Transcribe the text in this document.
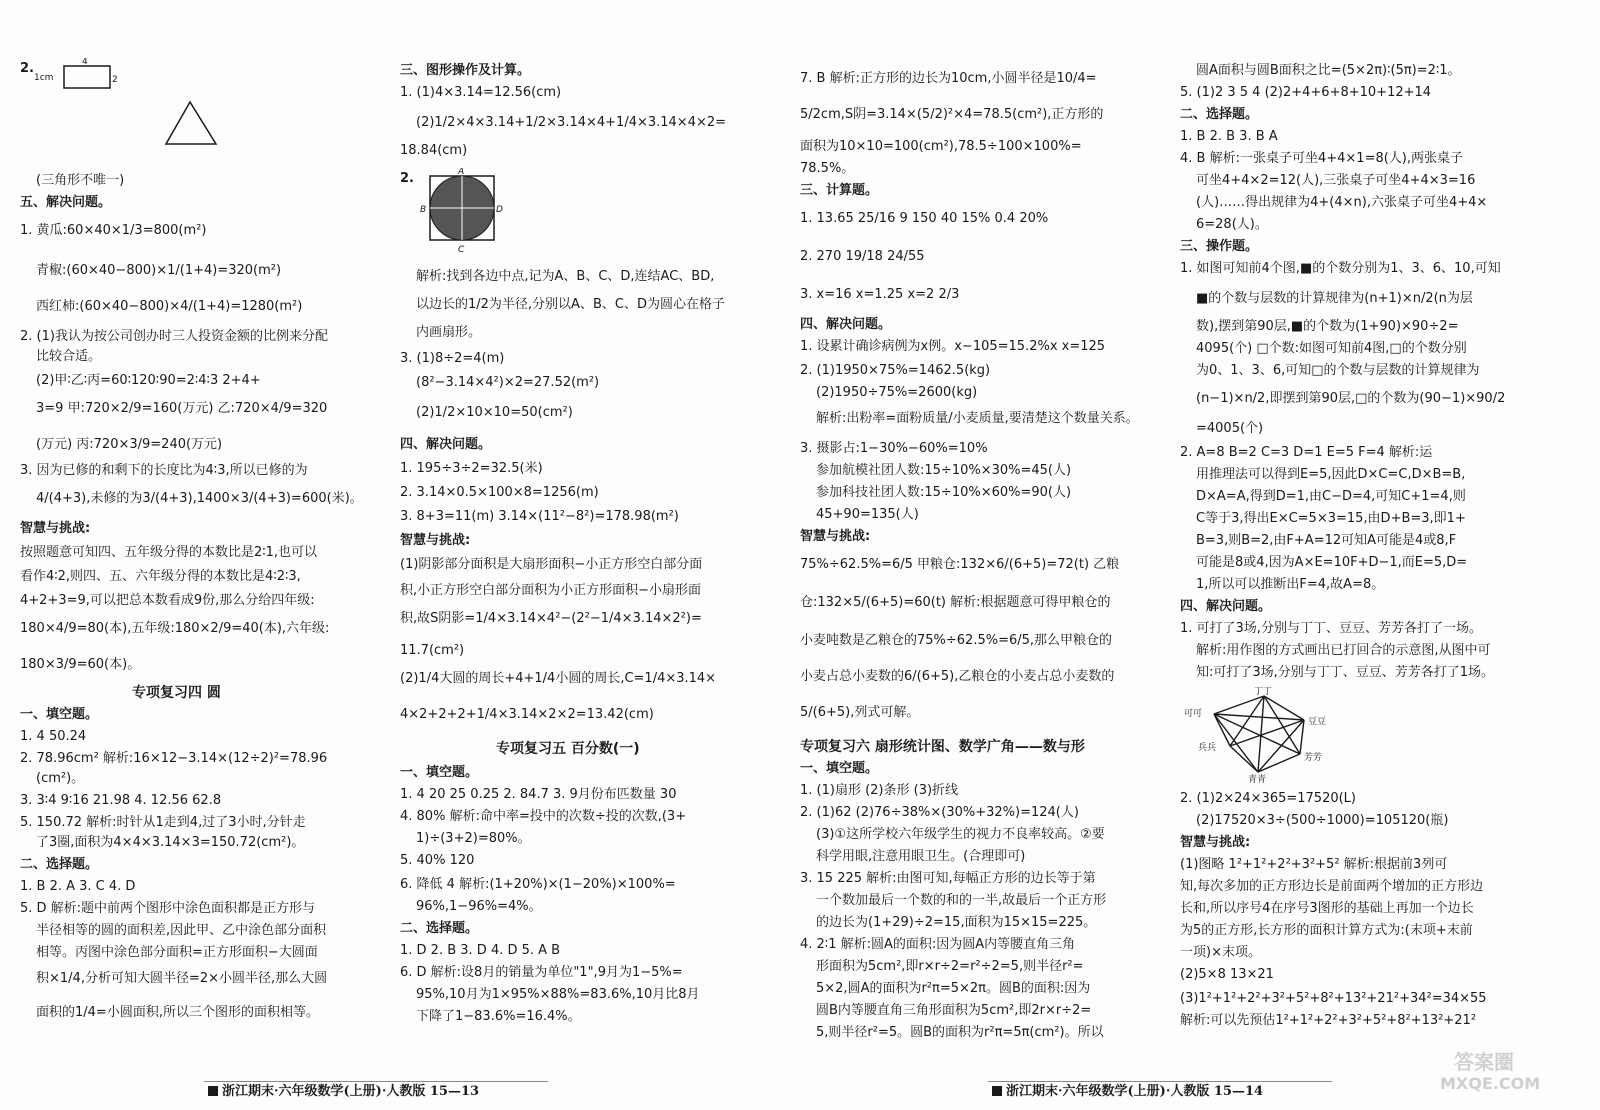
2.
1cm
4
2
(三角形不唯一)
五、解决问题。
1. 黄瓜:60×40×1/3=800(m²)
青椒:(60×40−800)×1/(1+4)=320(m²)
西红柿:(60×40−800)×4/(1+4)=1280(m²)
2. (1)我认为按公司创办时三人投资金额的比例来分配
比较合适。
(2)甲∶乙∶丙=60∶120∶90=2∶4∶3 2+4+
3=9 甲:720×2/9=160(万元) 乙:720×4/9=320
(万元) 丙:720×3/9=240(万元)
3. 因为已修的和剩下的长度比为4∶3,所以已修的为
4/(4+3),未修的为3/(4+3),1400×3/(4+3)=600(米)。
智慧与挑战:
按照题意可知四、五年级分得的本数比是2∶1,也可以
看作4∶2,则四、五、六年级分得的本数比是4∶2∶3,
4+2+3=9,可以把总本数看成9份,那么分给四年级:
180×4/9=80(本),五年级:180×2/9=40(本),六年级:
180×3/9=60(本)。
专项复习四 圆
一、填空题。
1. 4 50.24
2. 78.96cm² 解析:16×12−3.14×(12÷2)²=78.96
(cm²)。
3. 3∶4 9∶16 21.98 4. 12.56 62.8
5. 150.72 解析:时针从1走到4,过了3小时,分针走
了3圈,面积为4×4×3.14×3=150.72(cm²)。
二、选择题。
1. B 2. A 3. C 4. D
5. D 解析:题中前两个图形中涂色面积都是正方形与
半径相等的圆的面积差,因此甲、乙中涂色部分面积
相等。丙图中涂色部分面积=正方形面积−大圆面
积×1/4,分析可知大圆半径=2×小圆半径,那么大圆
面积的1/4=小圆面积,所以三个图形的面积相等。
三、图形操作及计算。
1. (1)4×3.14=12.56(cm)
(2)1/2×4×3.14+1/2×3.14×4+1/4×3.14×4×2=
18.84(cm)
2.	A
B
C
D
解析:找到各边中点,记为A、B、C、D,连结AC、BD,
以边长的1/2为半径,分别以A、B、C、D为圆心在格子
内画扇形。
3. (1)8÷2=4(m)
(8²−3.14×4²)×2=27.52(m²)
(2)1/2×10×10=50(cm²)
四、解决问题。
1. 195÷3÷2=32.5(米)
2. 3.14×0.5×100×8=1256(m)
3. 8+3=11(m) 3.14×(11²−8²)=178.98(m²)
智慧与挑战:
(1)阴影部分面积是大扇形面积−小正方形空白部分面
积,小正方形空白部分面积为小正方形面积−小扇形面
积,故S阴影=1/4×3.14×4²−(2²−1/4×3.14×2²)=
11.7(cm²)
(2)1/4大圆的周长+4+1/4小圆的周长,C=1/4×3.14×
4×2+2+2+1/4×3.14×2×2=13.42(cm)
专项复习五 百分数(一)
一、填空题。
1. 4 20 25 0.25 2. 84.7 3. 9月份布匹数量 30
4. 80% 解析:命中率=投中的次数÷投的次数,(3+
1)÷(3+2)=80%。
5. 40% 120
6. 降低 4 解析:(1+20%)×(1−20%)×100%=
96%,1−96%=4%。
二、选择题。
1. D 2. B 3. D 4. D 5. A B
6. D 解析:设8月的销量为单位"1",9月为1−5%=
95%,10月为1×95%×88%=83.6%,10月比8月
下降了1−83.6%=16.4%。
7. B 解析:正方形的边长为10cm,小圆半径是10/4=
5/2cm,S阴=3.14×(5/2)²×4=78.5(cm²),正方形的
面积为10×10=100(cm²),78.5÷100×100%=
78.5%。
三、计算题。
1. 13.65 25/16 9 150 40 15% 0.4 20%
2. 270 19/18 24/55
3. x=16 x=1.25 x=2 2/3
四、解决问题。
1. 设累计确诊病例为x例。x−105=15.2%x x=125
2. (1)1950×75%=1462.5(kg)
(2)1950÷75%=2600(kg)
解析:出粉率=面粉质量/小麦质量,要清楚这个数量关系。
3. 摄影占:1−30%−60%=10%
参加航模社团人数:15÷10%×30%=45(人)
参加科技社团人数:15÷10%×60%=90(人)
45+90=135(人)
智慧与挑战:
75%÷62.5%=6/5 甲粮仓:132×6/(6+5)=72(t) 乙粮
仓:132×5/(6+5)=60(t) 解析:根据题意可得甲粮仓的
小麦吨数是乙粮仓的75%÷62.5%=6/5,那么甲粮仓的
小麦占总小麦数的6/(6+5),乙粮仓的小麦占总小麦数的
5/(6+5),列式可解。
专项复习六 扇形统计图、数学广角——数与形
一、填空题。
1. (1)扇形 (2)条形 (3)折线
2. (1)62 (2)76÷38%×(30%+32%)=124(人)
(3)①这所学校六年级学生的视力不良率较高。②要
科学用眼,注意用眼卫生。(合理即可)
3. 15 225 解析:由图可知,每幅正方形的边长等于第
一个数加最后一个数的和的一半,故最后一个正方形
的边长为(1+29)÷2=15,面积为15×15=225。
4. 2∶1 解析:圆A的面积:因为圆A内等腰直角三角
形面积为5cm²,即r×r÷2=r²÷2=5,则半径r²=
5×2,圆A的面积为r²π=5×2π。圆B的面积:因为
圆B内等腰直角三角形面积为5cm²,即2r×r÷2=
5,则半径r²=5。圆B的面积为r²π=5π(cm²)。所以
圆A面积与圆B面积之比=(5×2π)∶(5π)=2∶1。
5. (1)2 3 5 4 (2)2+4+6+8+10+12+14
二、选择题。
1. B 2. B 3. B A
4. B 解析:一张桌子可坐4+4×1=8(人),两张桌子
可坐4+4×2=12(人),三张桌子可坐4+4×3=16
(人)……得出规律为4+(4×n),六张桌子可坐4+4×
6=28(人)。
三、操作题。
1. 如图可知前4个图,■的个数分别为1、3、6、10,可知
■的个数与层数的计算规律为(n+1)×n/2(n为层
数),摆到第90层,■的个数为(1+90)×90÷2=
4095(个) □个数:如图可知前4图,□的个数分别
为0、1、3、6,可知□的个数与层数的计算规律为
(n−1)×n/2,即摆到第90层,□的个数为(90−1)×90/2
=4005(个)
2. A=8 B=2 C=3 D=1 E=5 F=4 解析:运
用推理法可以得到E=5,因此D×C=C,D×B=B,
D×A=A,得到D=1,由C−D=4,可知C+1=4,则
C等于3,得出E×C=5×3=15,由D+B=3,即1+
B=3,则B=2,由F+A=12可知A可能是4或8,F
可能是8或4,因为A×E=10F+D−1,而E=5,D=
1,所以可以推断出F=4,故A=8。
四、解决问题。
1. 可打了3场,分别与丁丁、豆豆、芳芳各打了一场。
解析:用作图的方式画出已打回合的示意图,从图中可
知:可打了3场,分别与丁丁、豆豆、芳芳各打了1场。
丁丁
可可
豆豆
兵兵
芳芳
青青
2. (1)2×24×365=17520(L)
(2)17520×3÷(500÷1000)=105120(瓶)
智慧与挑战:
(1)图略 1²+1²+2²+3²+5² 解析:根据前3列可
知,每次多加的正方形边长是前面两个增加的正方形边
长和,所以序号4在序号3图形的基础上再加一个边长
为5的正方形,长方形的面积计算方式为:(末项+末前
一项)×末项。
(2)5×8 13×21
(3)1²+1²+2²+3²+5²+8²+13²+21²+34²=34×55
解析:可以先预估1²+1²+2²+3²+5²+8²+13²+21²
浙江期末·六年级数学(上册)·人教版 15—13	浙江期末·六年级数学(上册)·人教版 15—14
答案圈
MXQE.COM
